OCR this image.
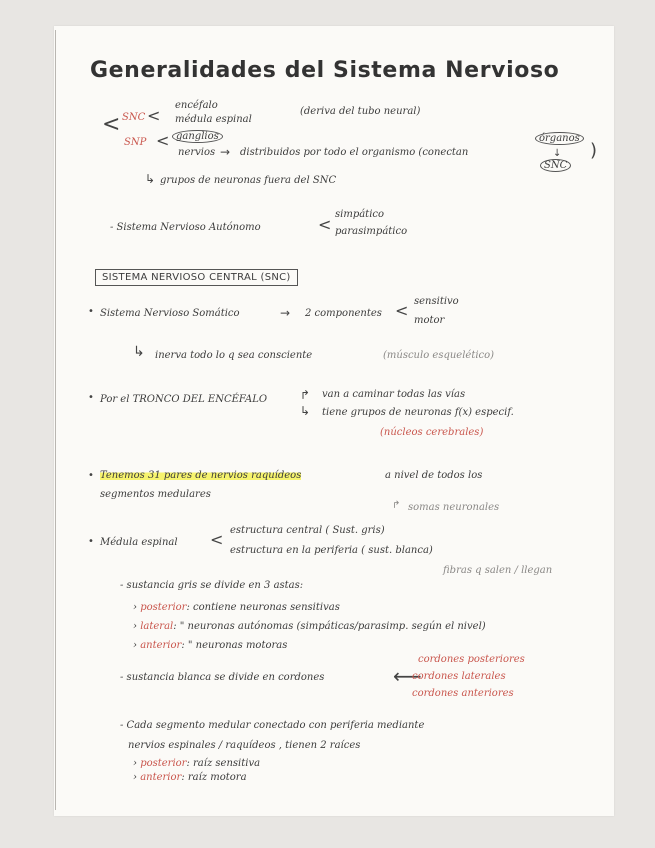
Generalidades del Sistema Nervioso
< SNC <
encéfalo
médula espinal
(deriva del tubo neural)
SNP < ganglios
nervios → distribuidos por todo el organismo (conectan
órganos
↓
SNC
)
↳ grupos de neuronas fuera del SNC
- Sistema Nervioso Autónomo	<
simpático
parasimpático
SISTEMA NERVIOSO CENTRAL (SNC)
• Sistema Nervioso Somático	→ 2 componentes < sensitivo
motor
↳ inerva todo lo q sea consciente	(músculo esquelético)
• Por el TRONCO DEL ENCÉFALO	↱ van a caminar todas las vías
↳ tiene grupos de neuronas f(x) especif.
(núcleos cerebrales)
• Tenemos 31 pares de nervios raquídeos	a nivel de todos los
segmentos medulares
↱ somas neuronales
• Médula espinal < estructura central ( Sust. gris)
estructura en la periferia ( sust. blanca)
fibras q salen / llegan
- sustancia gris se divide en 3 astas:
› posterior: contiene neuronas sensitivas
› lateral: " neuronas autónomas (simpáticas/parasimp. según el nivel)
› anterior: " neuronas motoras
- sustancia blanca se divide en cordones	⟵
cordones posteriores
cordones laterales
cordones anteriores
- Cada segmento medular conectado con periferia mediante
nervios espinales / raquídeos , tienen 2 raíces
› posterior: raíz sensitiva
› anterior: raíz motora
